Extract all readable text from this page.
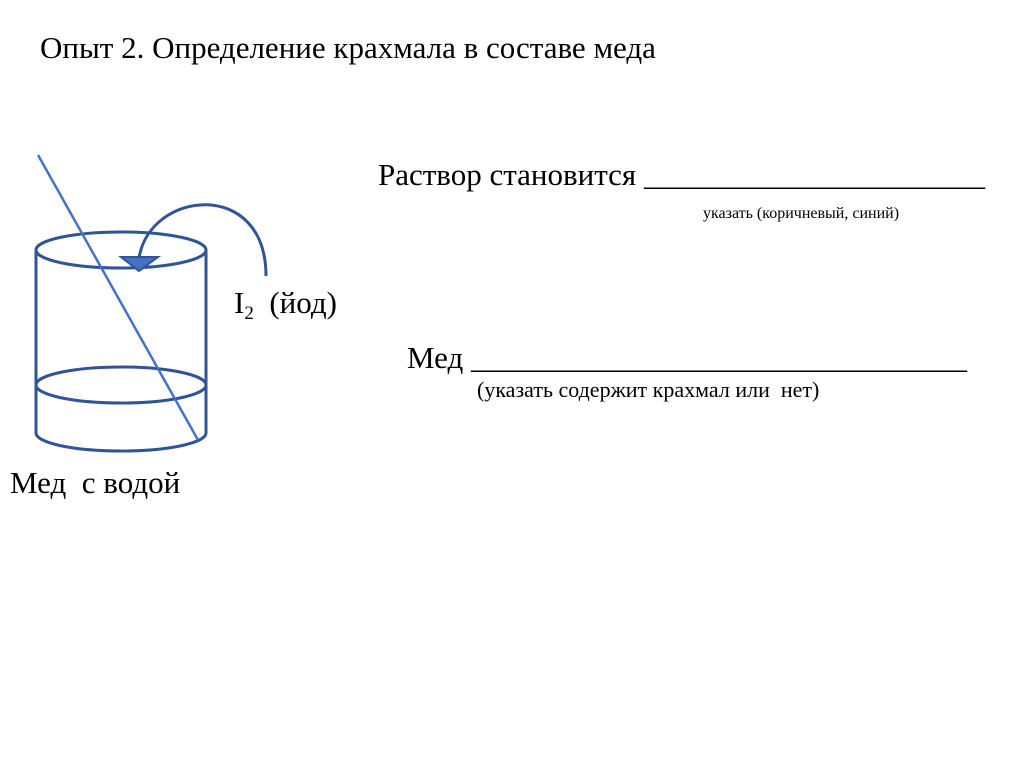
Опыт 2. Определение крахмала в составе меда
$I_2$ (йод)
Мед  с водой
Раствор становится ______________________
указать (коричневый, синий)
Мед ________________________________
(указать содержит крахмал или  нет)
